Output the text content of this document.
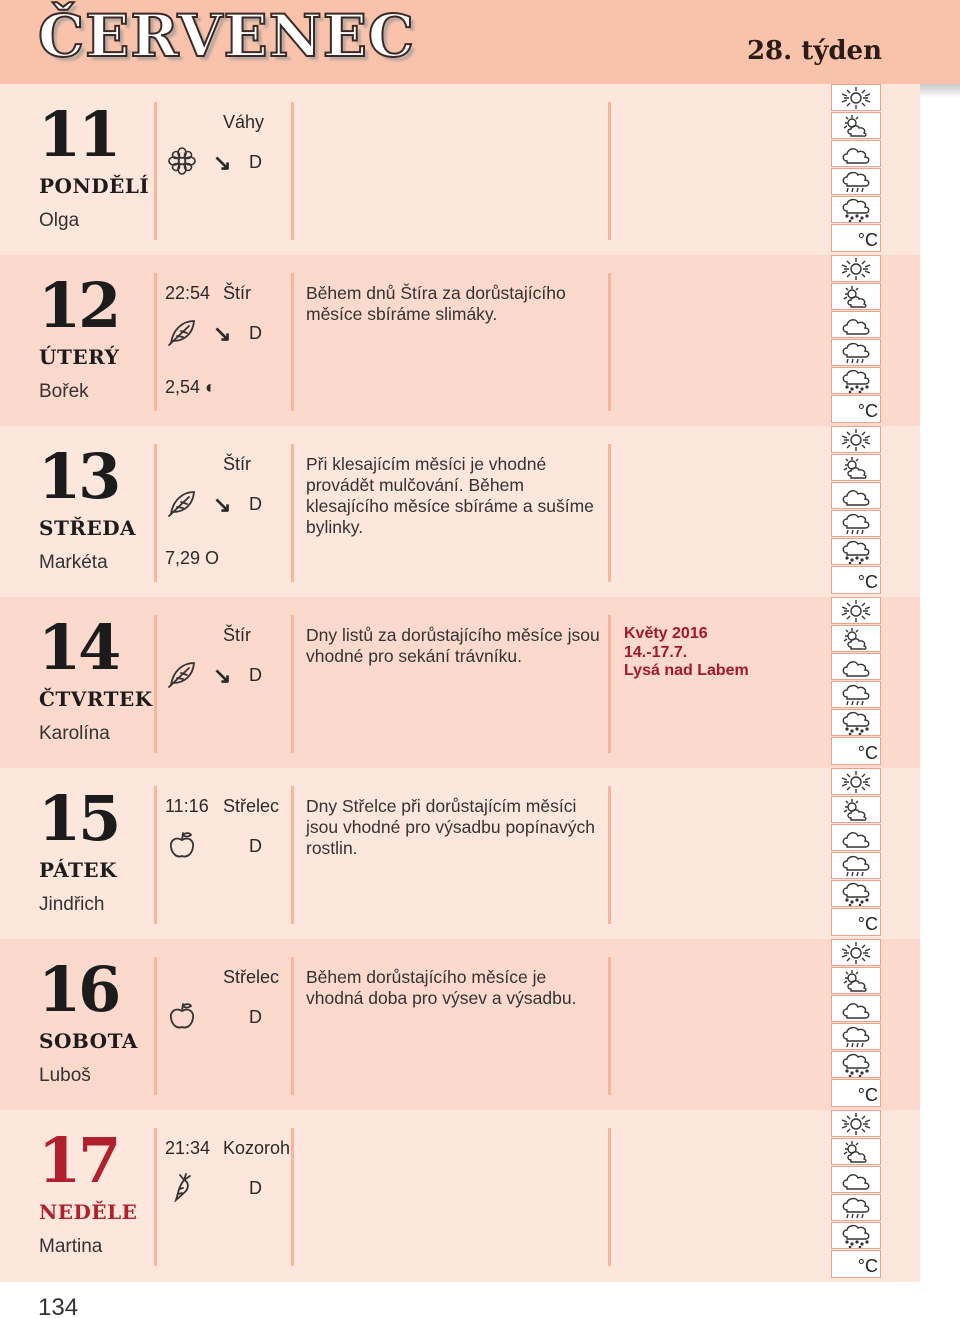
ČERVENEC	28. týden
11
PONDĚLÍ
Olga
Váhy
↘ D
°C
12
ÚTERÝ
Bořek
22:54 Štír
↘ D
2,54 ◐
Během dnů Štíra za dorůstajícího měsíce sbíráme slimáky.
°C
13
STŘEDA
Markéta
Štír
↘ D
7,29 O
Při klesajícím měsíci je vhodné provádět mulčování. Během klesajícího měsíce sbíráme a sušíme bylinky.
°C
14
ČTVRTEK
Karolína
Štír
↘ D
Dny listů za dorůstajícího měsíce jsou vhodné pro sekání trávníku.
Květy 2016
14.-17.7.
Lysá nad Labem
°C
15
PÁTEK
Jindřich
11:16 Střelec
D
Dny Střelce při dorůstajícím měsíci jsou vhodné pro výsadbu popínavých rostlin.
°C
16
SOBOTA
Luboš
Střelec
D
Během dorůstajícího měsíce je vhodná doba pro výsev a výsadbu.
°C
17
NEDĚLE
Martina
21:34 Kozoroh
D
°C
134
